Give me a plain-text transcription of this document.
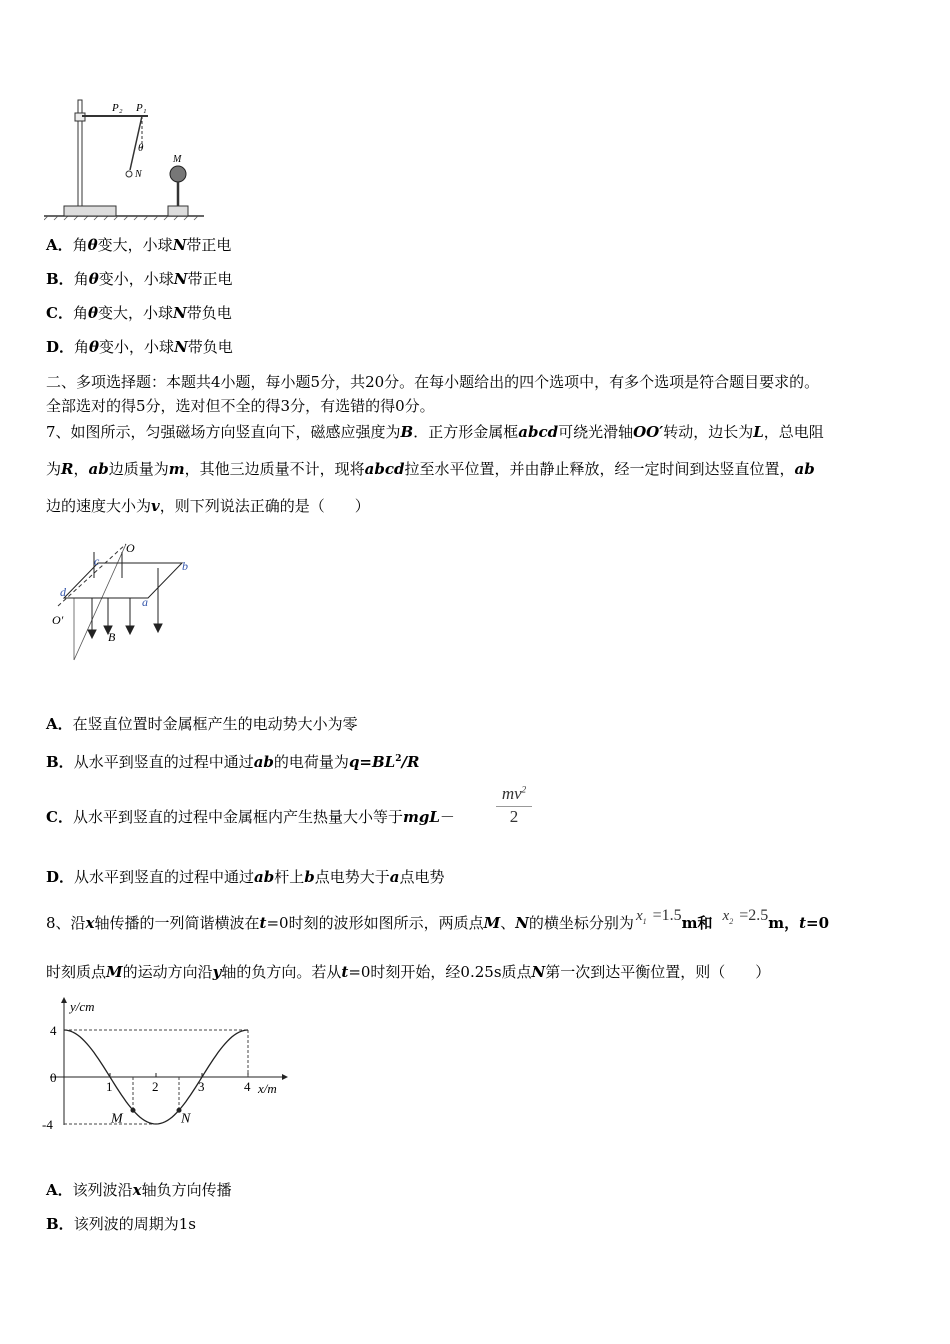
P₂ P₁
θ
N
M
A．角θ变大，小球N带正电
B．角θ变小，小球N带正电
C．角θ变大，小球N带负电
D．角θ变小，小球N带负电
二、多项选择题：本题共4小题，每小题5分，共20分。在每小题给出的四个选项中，有多个选项是符合题目要求的。
全部选对的得5分，选对但不全的得3分，有选错的得0分。
7、如图所示，匀强磁场方向竖直向下，磁感应强度为B．正方形金属框abcd可绕光滑轴OO′转动，边长为L，总电阻
为R，ab边质量为m，其他三边质量不计，现将abcd拉至水平位置，并由静止释放，经一定时间到达竖直位置，ab
边的速度大小为v，则下列说法正确的是（　　）
O
c	b
d
a
O′
B
A．在竖直位置时金属框产生的电动势大小为零
B．从水平到竖直的过程中通过ab的电荷量为$q=BL^2/R$
C．从水平到竖直的过程中金属框内产生热量大小等于mgL－
$mv^2$
2
D．从水平到竖直的过程中通过ab杆上b点电势大于a点电势
8、沿x轴传播的一列简谐横波在t=0时刻的波形如图所示，两质点M、N的横坐标分别为 $x_1 =1.5m$和 $x_2 =2.5m$，t=0
时刻质点M的运动方向沿y轴的负方向。若从t=0时刻开始，经0.25s质点N第一次到达平衡位置，则（　　）
y/cm
x/m
1	2	3	4
4
0
-4	M	N
A．该列波沿x轴负方向传播
B．该列波的周期为1s
